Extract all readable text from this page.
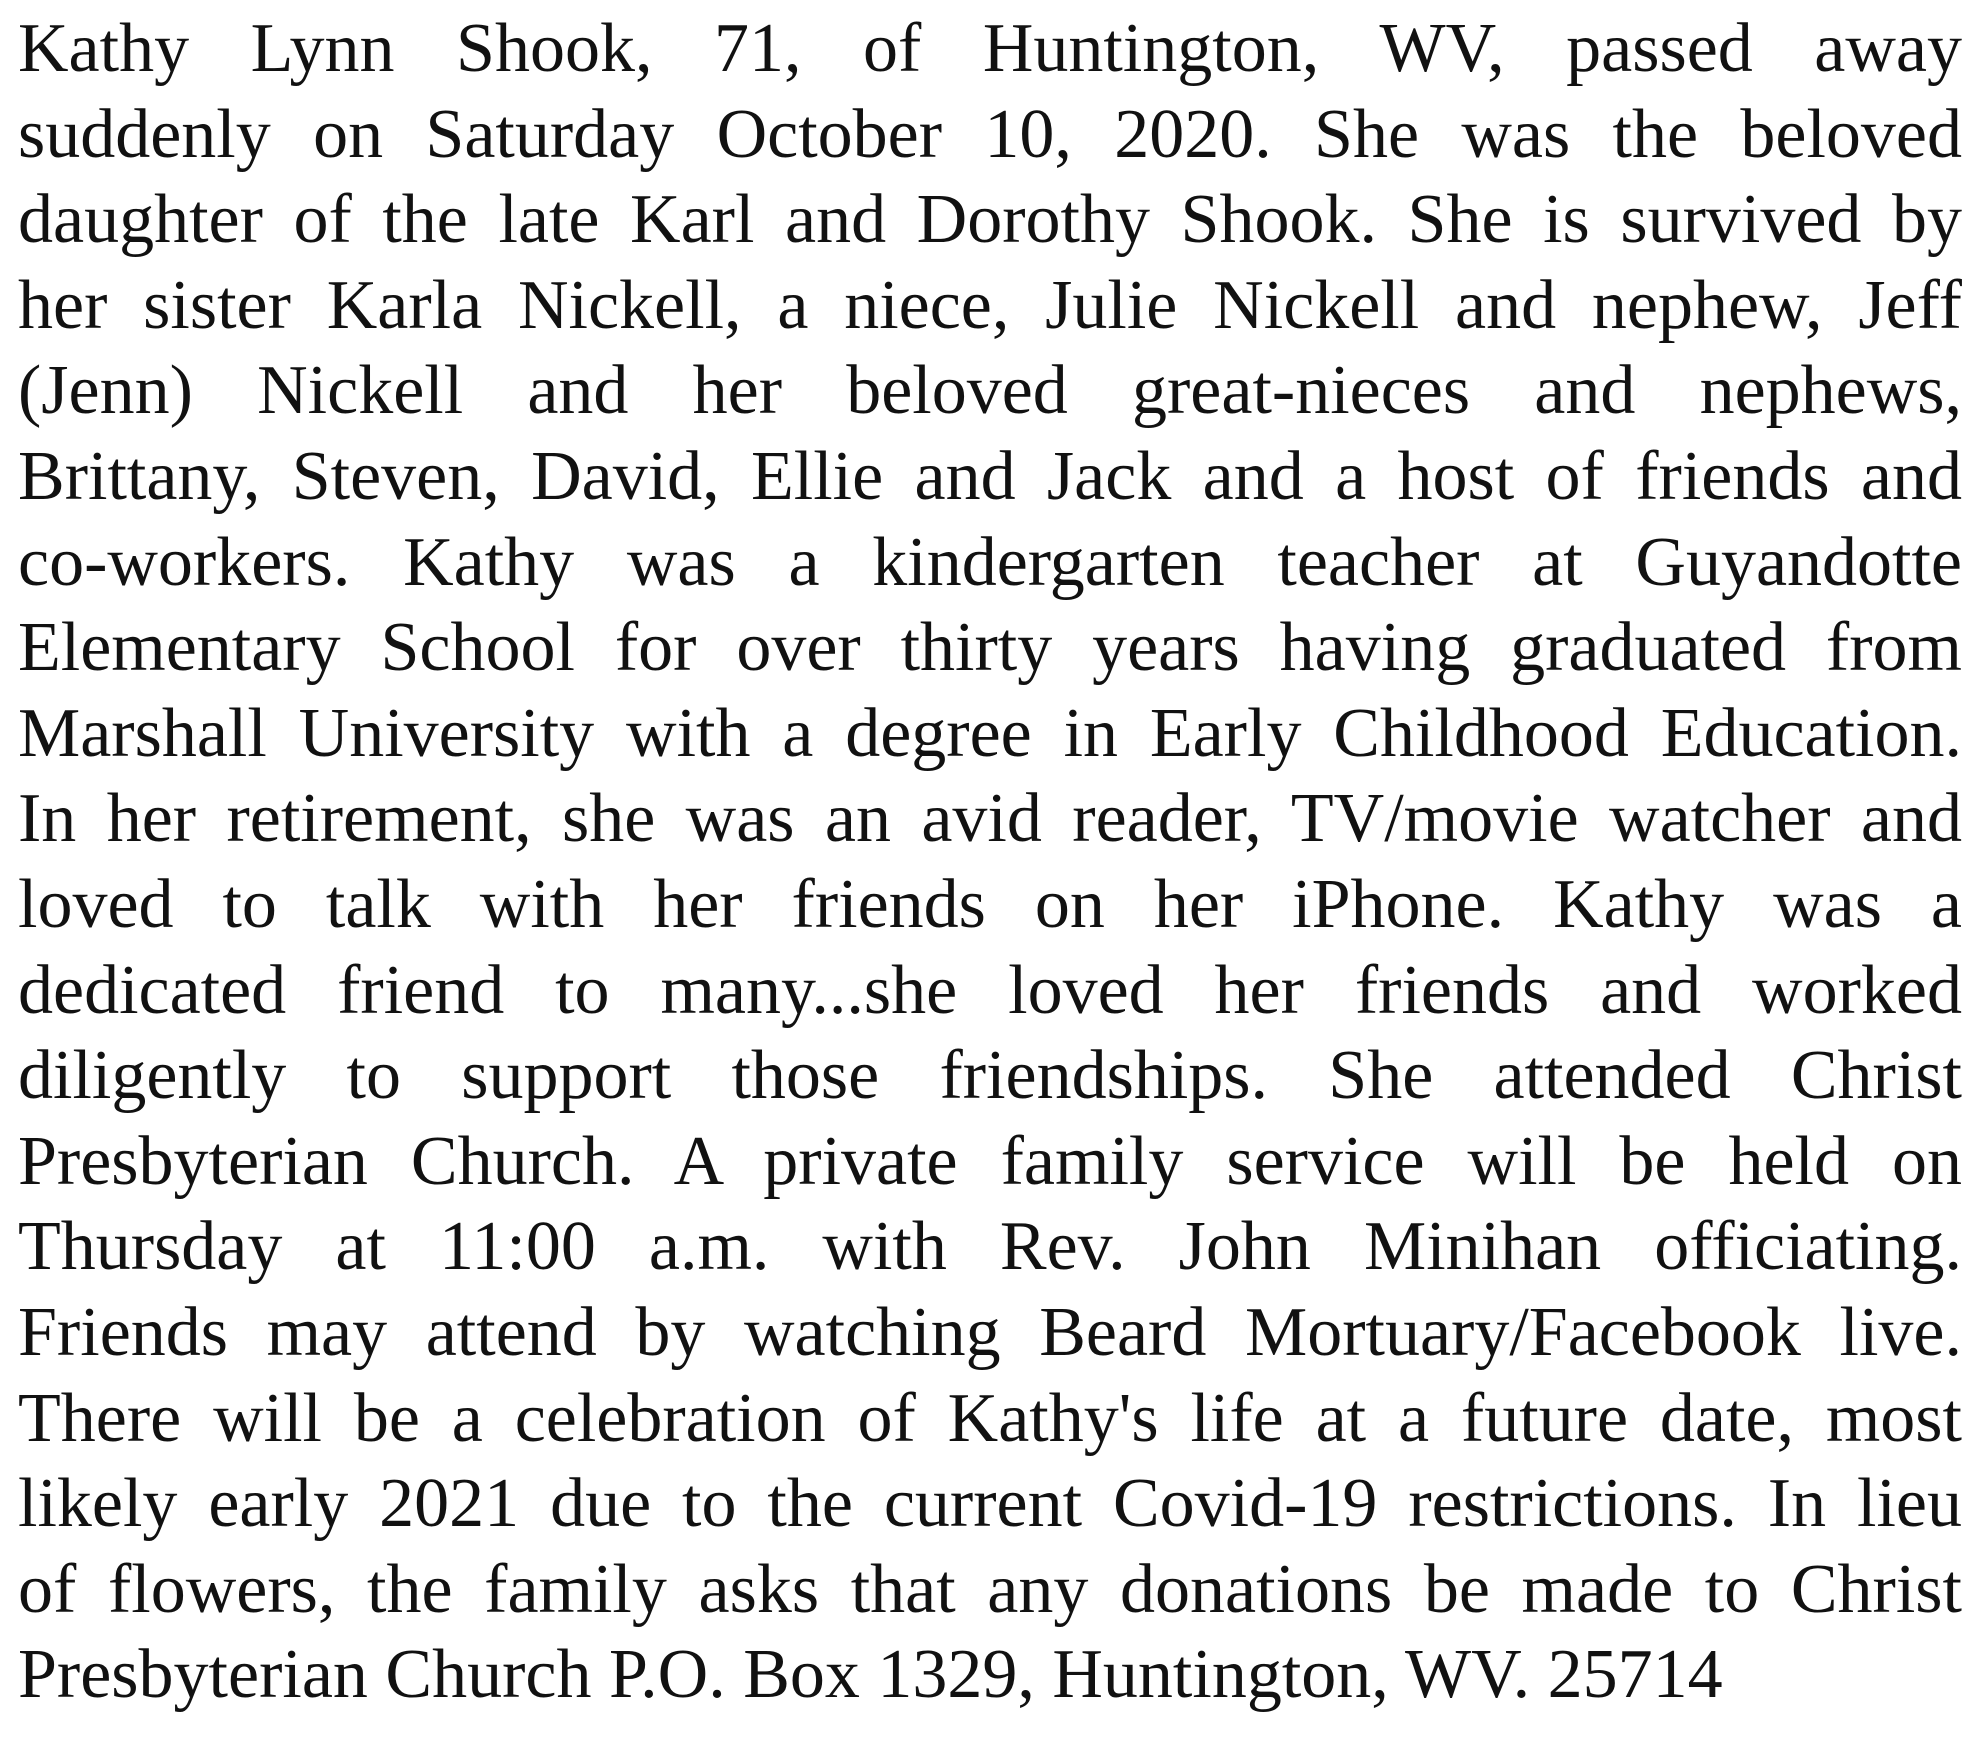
Kathy Lynn Shook, 71, of Huntington, WV, passed away
suddenly on Saturday October 10, 2020. She was the beloved
daughter of the late Karl and Dorothy Shook. She is survived by
her sister Karla Nickell, a niece, Julie Nickell and nephew, Jeff
(Jenn) Nickell and her beloved great-nieces and nephews,
Brittany, Steven, David, Ellie and Jack and a host of friends and
co-workers. Kathy was a kindergarten teacher at Guyandotte
Elementary School for over thirty years having graduated from
Marshall University with a degree in Early Childhood Education.
In her retirement, she was an avid reader, TV/movie watcher and
loved to talk with her friends on her iPhone. Kathy was a
dedicated friend to many...she loved her friends and worked
diligently to support those friendships. She attended Christ
Presbyterian Church. A private family service will be held on
Thursday at 11:00 a.m. with Rev. John Minihan officiating.
Friends may attend by watching Beard Mortuary/Facebook live.
There will be a celebration of Kathy's life at a future date, most
likely early 2021 due to the current Covid-19 restrictions. In lieu
of flowers, the family asks that any donations be made to Christ
Presbyterian Church P.O. Box 1329, Huntington, WV. 25714
